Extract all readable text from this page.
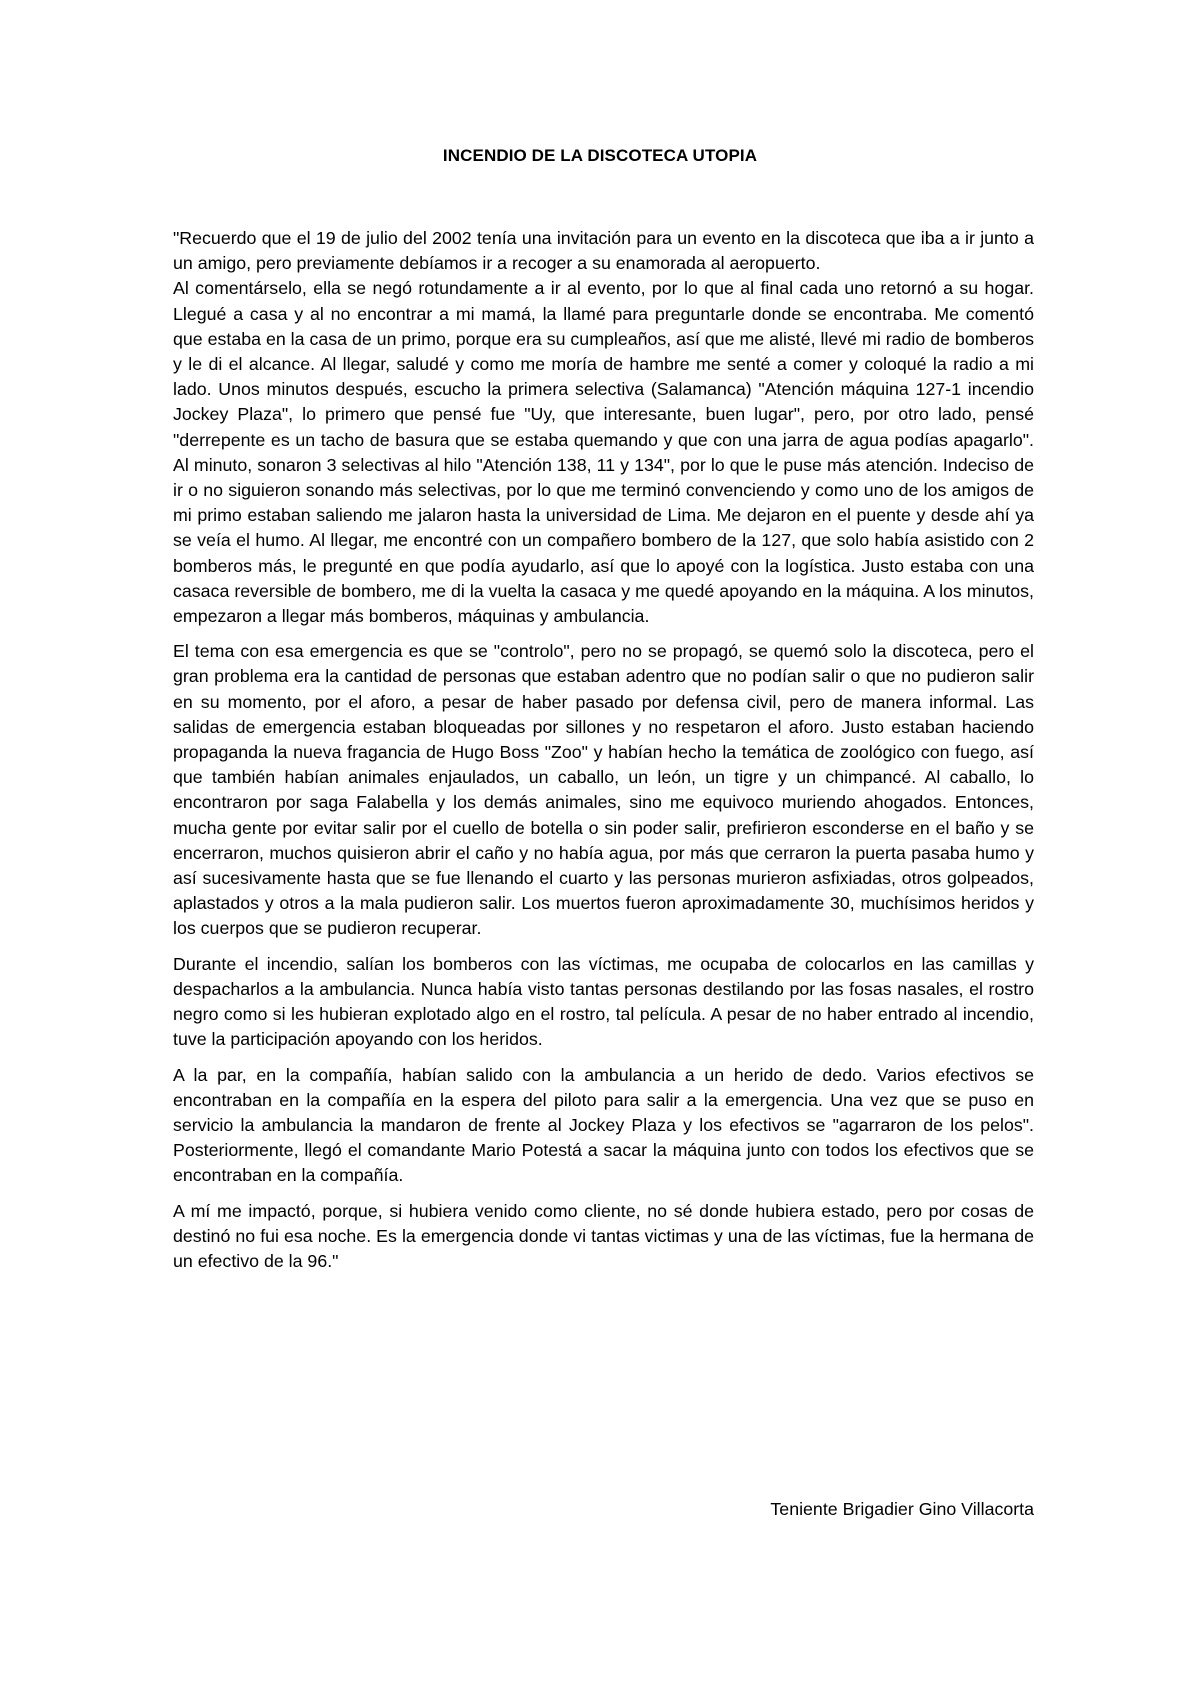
INCENDIO DE LA DISCOTECA UTOPIA

"Recuerdo que el 19 de julio del 2002 tenía una invitación para un evento en la discoteca que iba a ir junto a un amigo, pero previamente debíamos ir a recoger a su enamorada al aeropuerto.

Al comentárselo, ella se negó rotundamente a ir al evento, por lo que al final cada uno retornó a su hogar. Llegué a casa y al no encontrar a mi mamá, la llamé para preguntarle donde se encontraba. Me comentó que estaba en la casa de un primo, porque era su cumpleaños, así que me alisté, llevé mi radio de bomberos y le di el alcance. Al llegar, saludé y como me moría de hambre me senté a comer y coloqué la radio a mi lado. Unos minutos después, escucho la primera selectiva (Salamanca) "Atención máquina 127-1 incendio Jockey Plaza", lo primero que pensé fue "Uy, que interesante, buen lugar", pero, por otro lado, pensé "derrepente es un tacho de basura que se estaba quemando y que con una jarra de agua podías apagarlo". Al minuto, sonaron 3 selectivas al hilo "Atención 138, 11 y 134", por lo que le puse más atención. Indeciso de ir o no siguieron sonando más selectivas, por lo que me terminó convenciendo y como uno de los amigos de mi primo estaban saliendo me jalaron hasta la universidad de Lima. Me dejaron en el puente y desde ahí ya se veía el humo. Al llegar, me encontré con un compañero bombero de la 127, que solo había asistido con 2 bomberos más, le pregunté en que podía ayudarlo, así que lo apoyé con la logística. Justo estaba con una casaca reversible de bombero, me di la vuelta la casaca y me quedé apoyando en la máquina. A los minutos, empezaron a llegar más bomberos, máquinas y ambulancia.

El tema con esa emergencia es que se "controlo", pero no se propagó, se quemó solo la discoteca, pero el gran problema era la cantidad de personas que estaban adentro que no podían salir o que no pudieron salir en su momento, por el aforo, a pesar de haber pasado por defensa civil, pero de manera informal. Las salidas de emergencia estaban bloqueadas por sillones y no respetaron el aforo. Justo estaban haciendo propaganda la nueva fragancia de Hugo Boss "Zoo" y habían hecho la temática de zoológico con fuego, así que también habían animales enjaulados, un caballo, un león, un tigre y un chimpancé. Al caballo, lo encontraron por saga Falabella y los demás animales, sino me equivoco muriendo ahogados. Entonces, mucha gente por evitar salir por el cuello de botella o sin poder salir, prefirieron esconderse en el baño y se encerraron, muchos quisieron abrir el caño y no había agua, por más que cerraron la puerta pasaba humo y así sucesivamente hasta que se fue llenando el cuarto y las personas murieron asfixiadas, otros golpeados, aplastados y otros a la mala pudieron salir. Los muertos fueron aproximadamente 30, muchísimos heridos y los cuerpos que se pudieron recuperar.

Durante el incendio, salían los bomberos con las víctimas, me ocupaba de colocarlos en las camillas y despacharlos a la ambulancia. Nunca había visto tantas personas destilando por las fosas nasales, el rostro negro como si les hubieran explotado algo en el rostro, tal película. A pesar de no haber entrado al incendio, tuve la participación apoyando con los heridos.

A la par, en la compañía, habían salido con la ambulancia a un herido de dedo. Varios efectivos se encontraban en la compañía en la espera del piloto para salir a la emergencia. Una vez que se puso en servicio la ambulancia la mandaron de frente al Jockey Plaza y los efectivos se "agarraron de los pelos". Posteriormente, llegó el comandante Mario Potestá a sacar la máquina junto con todos los efectivos que se encontraban en la compañía.

A mí me impactó, porque, si hubiera venido como cliente, no sé donde hubiera estado, pero por cosas de destinó no fui esa noche. Es la emergencia donde vi tantas victimas y una de las víctimas, fue la hermana de un efectivo de la 96."

Teniente Brigadier Gino Villacorta
